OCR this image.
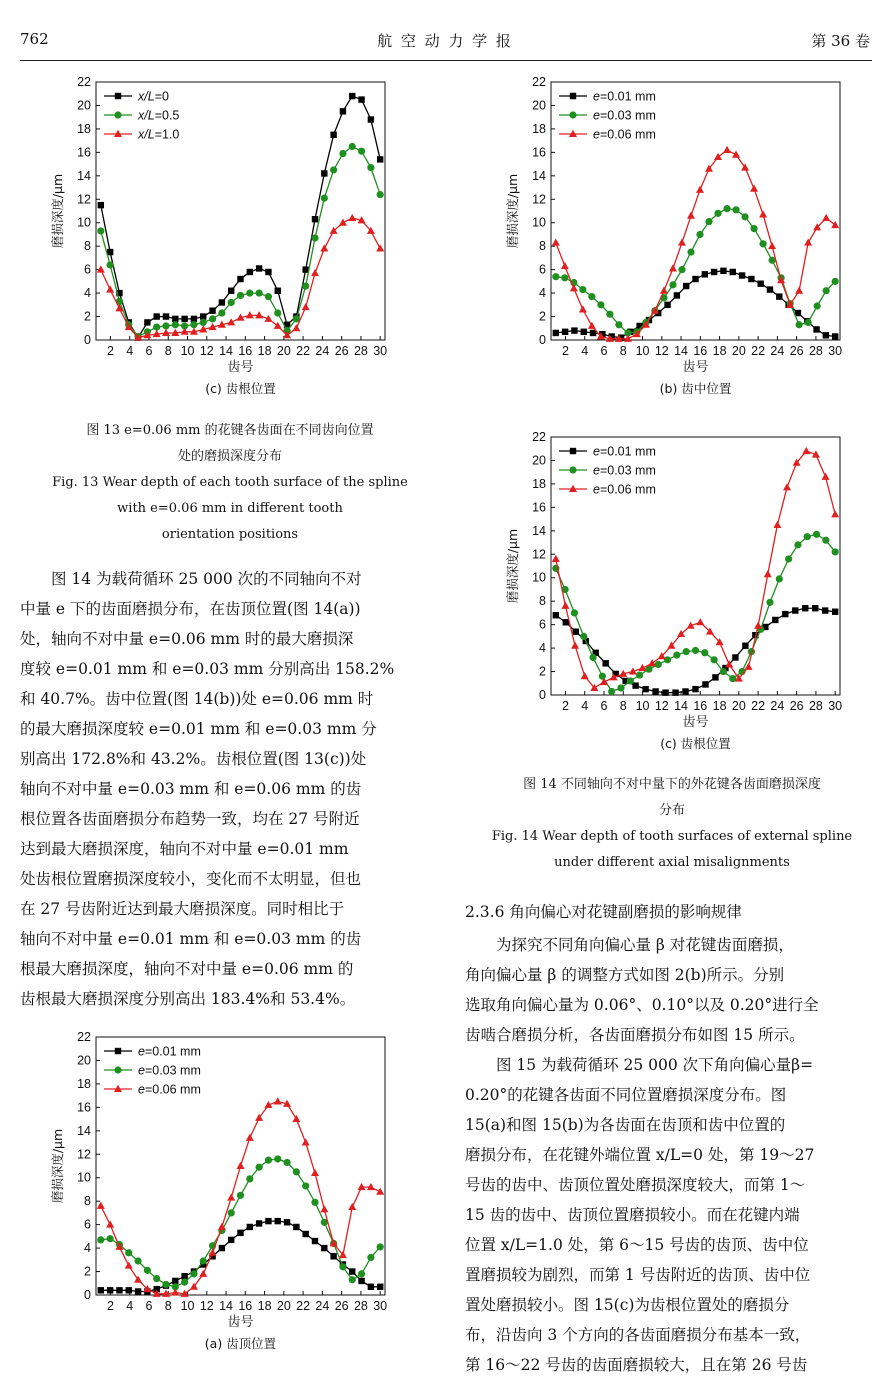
762	航 空 动 力 学 报	第 36 卷
0
2
4
6
8
10
12
14
16
18
20
22
2 4 6 8 10 12 14 16 18 20 22 24 26 28 30
磨损深度/μm
齿号
(c) 齿根位置
x/L=0
x/L=0.5
x/L=1.0
0
2
4
6
8
10
12
14
16
18
20
22
2 4 6 8 10 12 14 16 18 20 22 24 26 28 30
磨损深度/μm
齿号
(b) 齿中位置
e=0.01 mm
e=0.03 mm
e=0.06 mm
0
2
4
6
8
10
12
14
16
18
20
22
2 4 6 8 10 12 14 16 18 20 22 24 26 28 30
磨损深度/μm
齿号
(c) 齿根位置
e=0.01 mm
e=0.03 mm
e=0.06 mm
0
2
4
6
8
10
12
14
16
18
20
22
2 4 6 8 10 12 14 16 18 20 22 24 26 28 30
磨损深度/μm
齿号
(a) 齿顶位置
e=0.01 mm
e=0.03 mm
e=0.06 mm
图 13 e=0.06 mm 的花键各齿面在不同齿向位置
处的磨损深度分布
Fig. 13 Wear depth of each tooth surface of the spline
with e=0.06 mm in different tooth
orientation positions
图 14 不同轴向不对中量下的外花键各齿面磨损深度
分布
Fig. 14 Wear depth of tooth surfaces of external spline
under different axial misalignments

图 14 为载荷循环 25 000 次的不同轴向不对

中量 e 下的齿面磨损分布，在齿顶位置(图 14(a))

处，轴向不对中量 e=0.06 mm 时的最大磨损深

度较 e=0.01 mm 和 e=0.03 mm 分别高出 158.2%

和 40.7%。齿中位置(图 14(b))处 e=0.06 mm 时

的最大磨损深度较 e=0.01 mm 和 e=0.03 mm 分

别高出 172.8%和 43.2%。齿根位置(图 13(c))处

轴向不对中量 e=0.03 mm 和 e=0.06 mm 的齿

根位置各齿面磨损分布趋势一致，均在 27 号附近

达到最大磨损深度，轴向不对中量 e=0.01 mm

处齿根位置磨损深度较小，变化而不太明显，但也

在 27 号齿附近达到最大磨损深度。同时相比于

轴向不对中量 e=0.01 mm 和 e=0.03 mm 的齿

根最大磨损深度，轴向不对中量 e=0.06 mm 的

齿根最大磨损深度分别高出 183.4%和 53.4%。

2.3.6 角向偏心对花键副磨损的影响规律

为探究不同角向偏心量 β 对花键齿面磨损，

角向偏心量 β 的调整方式如图 2(b)所示。分别

选取角向偏心量为 0.06°、0.10°以及 0.20°进行全

齿啮合磨损分析，各齿面磨损分布如图 15 所示。

图 15 为载荷循环 25 000 次下角向偏心量β=

0.20°的花键各齿面不同位置磨损深度分布。图

15(a)和图 15(b)为各齿面在齿顶和齿中位置的

磨损分布，在花键外端位置 x/L=0 处，第 19～27

号齿的齿中、齿顶位置处磨损深度较大，而第 1～

15 齿的齿中、齿顶位置磨损较小。而在花键内端

位置 x/L=1.0 处，第 6～15 号齿的齿顶、齿中位

置磨损较为剧烈，而第 1 号齿附近的齿顶、齿中位

置处磨损较小。图 15(c)为齿根位置处的磨损分

布，沿齿向 3 个方向的各齿面磨损分布基本一致，

第 16～22 号齿的齿面磨损较大，且在第 26 号齿
